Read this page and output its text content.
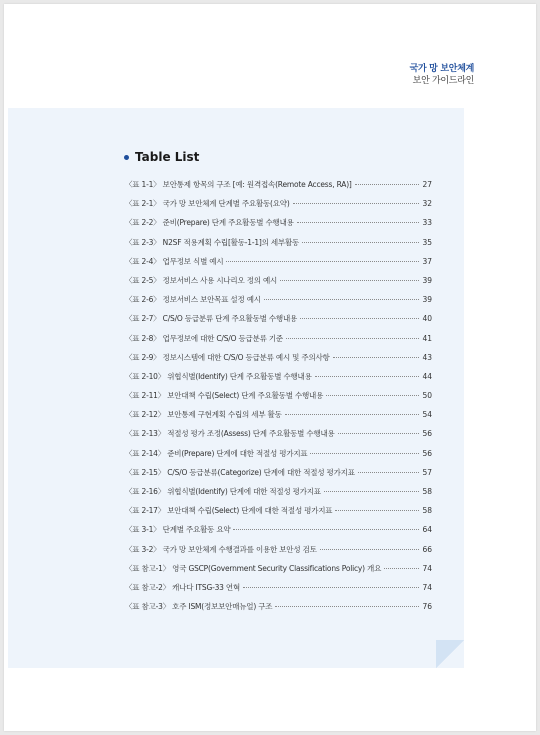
국가 망 보안체계
보안 가이드라인
Table List
〈표 1-1〉 보안통제 항목의 구조 [예: 원격접속(Remote Access, RA)]	27
〈표 2-1〉 국가 망 보안체계 단계별 주요활동(요약)	32
〈표 2-2〉 준비(Prepare) 단계 주요활동별 수행내용	33
〈표 2-3〉 N2SF 적용계획 수립[활동-1-1]의 세부활동	35
〈표 2-4〉 업무정보 식별 예시	37
〈표 2-5〉 정보서비스 사용 시나리오 정의 예시	39
〈표 2-6〉 정보서비스 보안목표 설정 예시	39
〈표 2-7〉 C/S/O 등급분류 단계 주요활동별 수행내용	40
〈표 2-8〉 업무정보에 대한 C/S/O 등급분류 기준	41
〈표 2-9〉 정보시스템에 대한 C/S/O 등급분류 예시 및 주의사항	43
〈표 2-10〉 위협식별(Identify) 단계 주요활동별 수행내용	44
〈표 2-11〉 보안대책 수립(Select) 단계 주요활동별 수행내용	50
〈표 2-12〉 보안통제 구현계획 수립의 세부 활동	54
〈표 2-13〉 적절성 평가 조정(Assess) 단계 주요활동별 수행내용	56
〈표 2-14〉 준비(Prepare) 단계에 대한 적절성 평가지표	56
〈표 2-15〉 C/S/O 등급분류(Categorize) 단계에 대한 적절성 평가지표	57
〈표 2-16〉 위협식별(Identify) 단계에 대한 적절성 평가지표	58
〈표 2-17〉 보안대책 수립(Select) 단계에 대한 적절성 평가지표	58
〈표 3-1〉 단계별 주요활동 요약	64
〈표 3-2〉 국가 망 보안체계 수행결과를 이용한 보안성 검토	66
〈표 참고-1〉 영국 GSCP(Government Security Classifications Policy) 개요	74
〈표 참고-2〉 캐나다 ITSG-33 연혁	74
〈표 참고-3〉 호주 ISM(정보보안매뉴얼) 구조	76
